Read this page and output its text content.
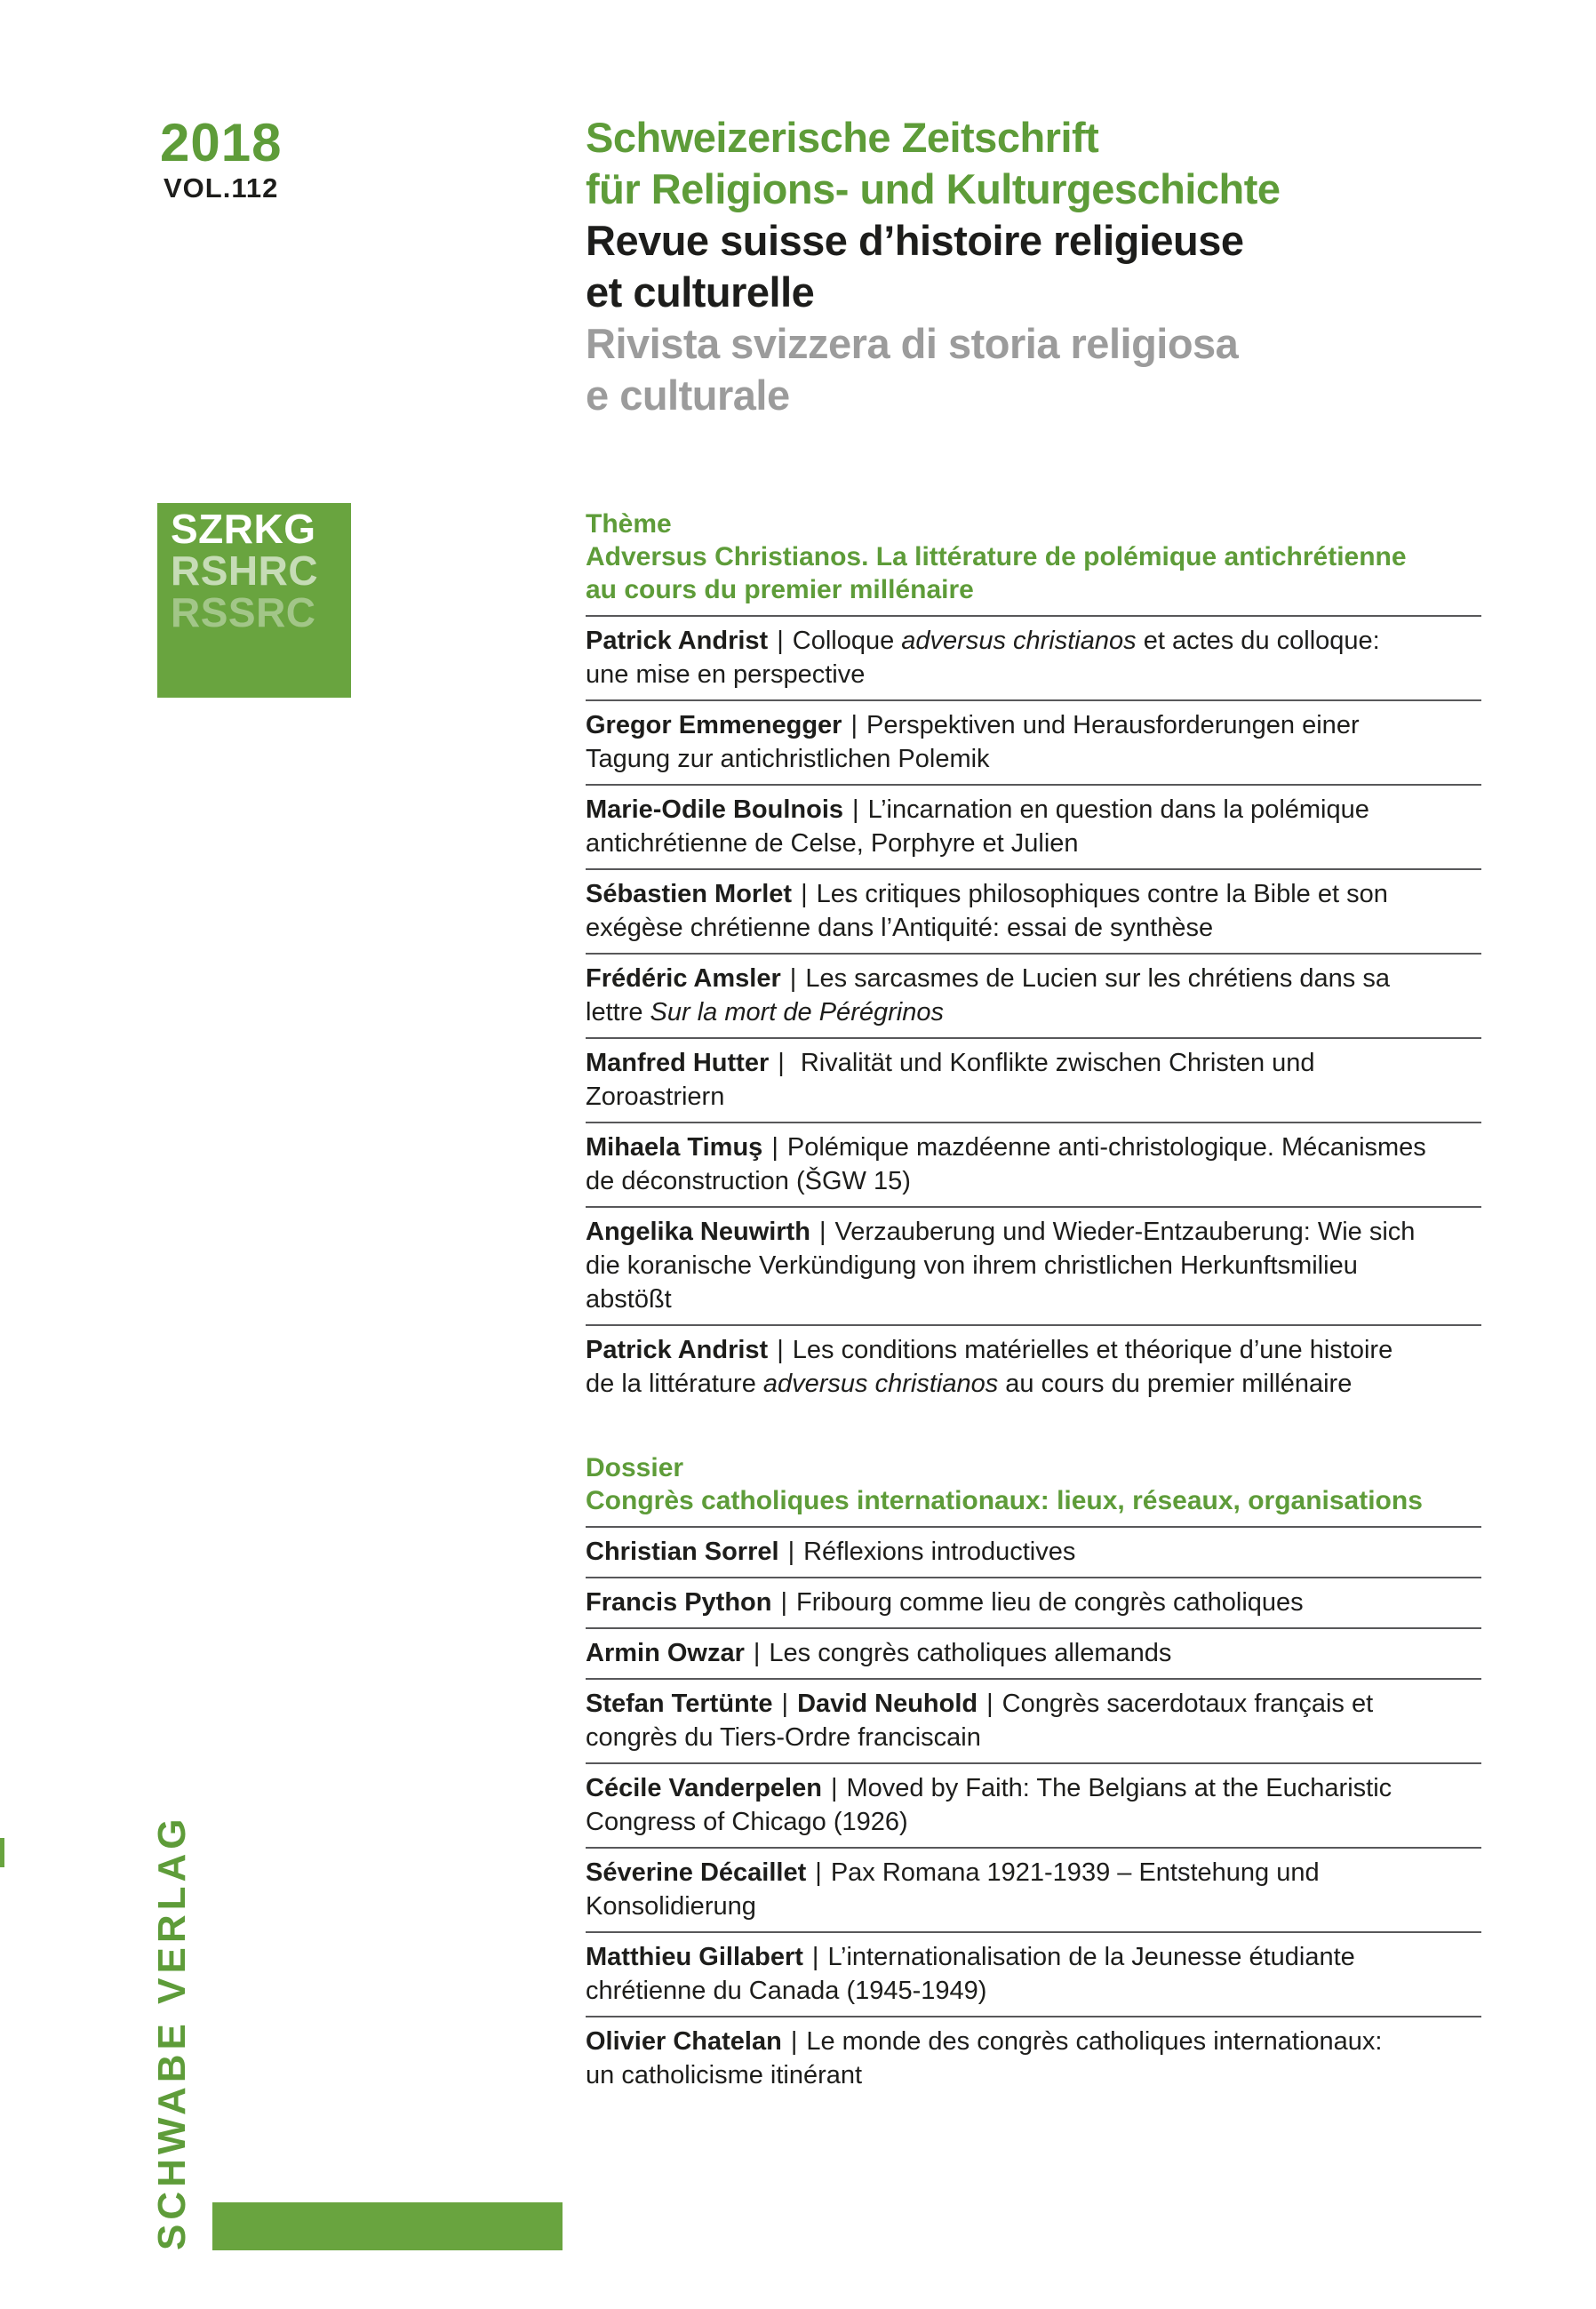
2018
VOL.112
Schweizerische Zeitschrift
für Religions- und Kulturgeschichte
Revue suisse d’histoire religieuse
et culturelle
Rivista svizzera di storia religiosa
e culturale
SZRKG
RSHRC
RSSRC
Thème
Adversus Christianos. La littérature de polémique antichrétienne
au cours du premier millénaire
Patrick Andrist | Colloque adversus christianos et actes du colloque:
une mise en perspective
Gregor Emmenegger | Perspektiven und Herausforderungen einer
Tagung zur antichristlichen Polemik
Marie-Odile Boulnois | L’incarnation en question dans la polémique
antichrétienne de Celse, Porphyre et Julien
Sébastien Morlet | Les critiques philosophiques contre la Bible et son
exégèse chrétienne dans l’Antiquité: essai de synthèse
Frédéric Amsler | Les sarcasmes de Lucien sur les chrétiens dans sa
lettre Sur la mort de Pérégrinos
Manfred Hutter | Rivalität und Konflikte zwischen Christen und
Zoroastriern
Mihaela Timuş | Polémique mazdéenne anti-christologique. Mécanismes
de déconstruction (ŠGW 15)
Angelika Neuwirth | Verzauberung und Wieder-Entzauberung: Wie sich
die koranische Verkündigung von ihrem christlichen Herkunftsmilieu
abstößt
Patrick Andrist | Les conditions matérielles et théorique d’une histoire
de la littérature adversus christianos au cours du premier millénaire
Dossier
Congrès catholiques internationaux: lieux, réseaux, organisations
Christian Sorrel | Réflexions introductives
Francis Python | Fribourg comme lieu de congrès catholiques
Armin Owzar | Les congrès catholiques allemands
Stefan Tertünte | David Neuhold | Congrès sacerdotaux français et
congrès du Tiers-Ordre franciscain
Cécile Vanderpelen | Moved by Faith: The Belgians at the Eucharistic
Congress of Chicago (1926)
Séverine Décaillet | Pax Romana 1921-1939 – Entstehung und
Konsolidierung
Matthieu Gillabert | L’internationalisation de la Jeunesse étudiante
chrétienne du Canada (1945-1949)
Olivier Chatelan | Le monde des congrès catholiques internationaux:
un catholicisme itinérant
SCHWABE VERLAG
